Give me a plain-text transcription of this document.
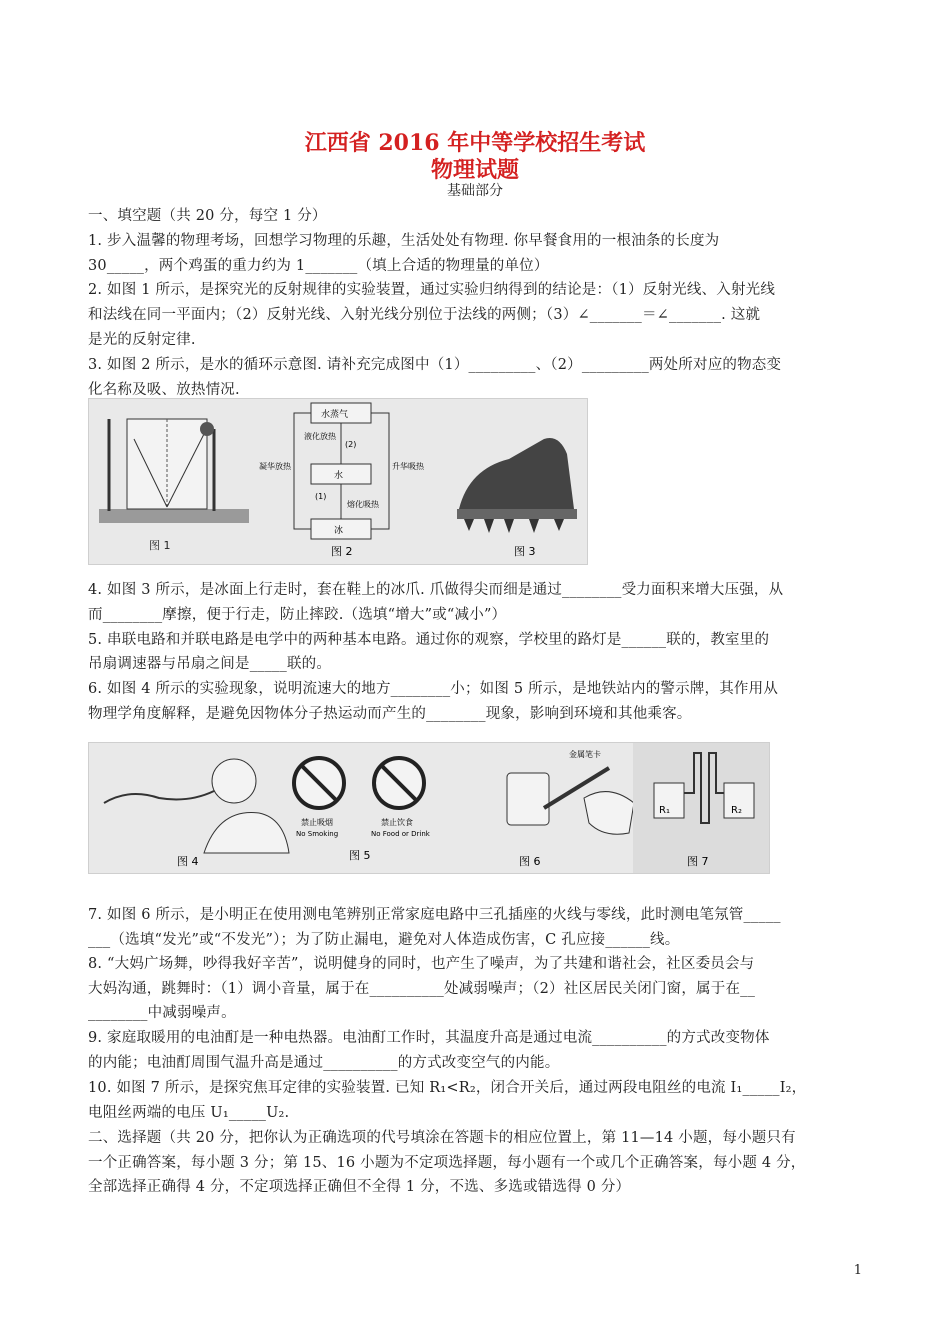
江西省 2016 年中等学校招生考试
物理试题
基础部分
一、填空题（共 20 分，每空 1 分）
1. 步入温馨的物理考场，回想学习物理的乐趣，生活处处有物理. 你早餐食用的一根油条的长度为
30_____，两个鸡蛋的重力约为 1_______（填上合适的物理量的单位）
2. 如图 1 所示，是探究光的反射规律的实验装置，通过实验归纳得到的结论是：（1）反射光线、入射光线
和法线在同一平面内；（2）反射光线、入射光线分别位于法线的两侧；（3）∠_______＝∠_______. 这就
是光的反射定律.
3. 如图 2 所示，是水的循环示意图. 请补充完成图中（1）_________、（2）_________两处所对应的物态变
化名称及吸、放热情况.
图 1
水蒸气
水
冰
液化放热
凝华放热	升华吸热
熔化吸热
(2)
(1)
图 2	图 3
4. 如图 3 所示，是冰面上行走时，套在鞋上的冰爪. 爪做得尖而细是通过________受力面积来增大压强，从
而________摩擦，便于行走，防止摔跤.（选填“增大”或“减小”）
5. 串联电路和并联电路是电学中的两种基本电路。通过你的观察，学校里的路灯是______联的，教室里的
吊扇调速器与吊扇之间是_____联的。
6. 如图 4 所示的实验现象，说明流速大的地方________小；如图 5 所示，是地铁站内的警示牌，其作用从
物理学角度解释，是避免因物体分子热运动而产生的________现象，影响到环境和其他乘客。
图 4
禁止吸烟
No Smoking
禁止饮食
No Food or Drink
图 5
金属笔卡
图 6
R₁	R₂
图 7
7. 如图 6 所示，是小明正在使用测电笔辨别正常家庭电路中三孔插座的火线与零线，此时测电笔氖管_____
___（选填“发光”或“不发光”）；为了防止漏电，避免对人体造成伤害，C 孔应接______线。
8. “大妈广场舞，吵得我好辛苦”，说明健身的同时，也产生了噪声，为了共建和谐社会，社区委员会与
大妈沟通，跳舞时：（1）调小音量，属于在__________处减弱噪声；（2）社区居民关闭门窗，属于在__
________中减弱噪声。
9. 家庭取暖用的电油酊是一种电热器。电油酊工作时，其温度升高是通过电流__________的方式改变物体
的内能；电油酊周围气温升高是通过__________的方式改变空气的内能。
10. 如图 7 所示，是探究焦耳定律的实验装置. 已知 R₁<R₂，闭合开关后，通过两段电阻丝的电流 I₁_____I₂，
电阻丝两端的电压 U₁_____U₂.
二、选择题（共 20 分，把你认为正确选项的代号填涂在答题卡的相应位置上，第 11—14 小题，每小题只有
一个正确答案，每小题 3 分；第 15、16 小题为不定项选择题，每小题有一个或几个正确答案，每小题 4 分，
全部选择正确得 4 分，不定项选择正确但不全得 1 分，不选、多选或错选得 0 分）
1
